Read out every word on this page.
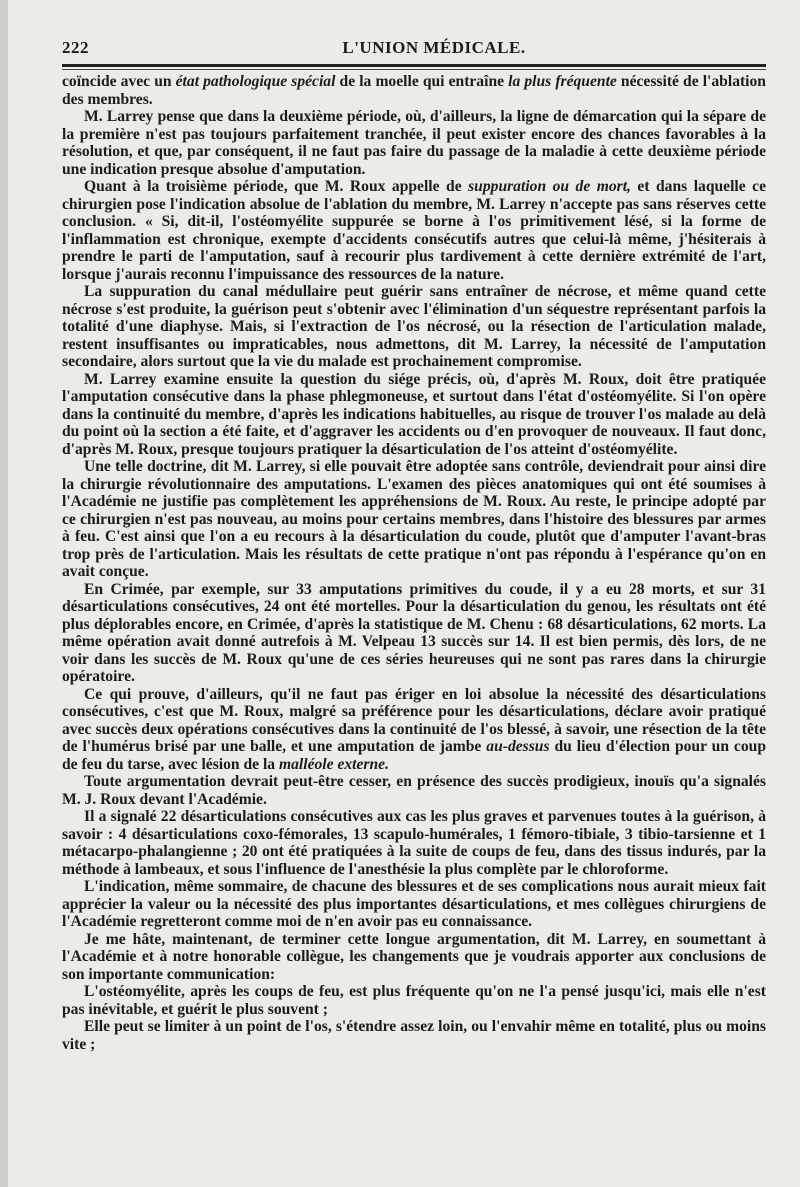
222	L'UNION MÉDICALE.

coïncide avec un état pathologique spécial de la moelle qui entraîne la plus fréquente nécessité de l'ablation des membres.

M. Larrey pense que dans la deuxième période, où, d'ailleurs, la ligne de démarcation qui la sépare de la première n'est pas toujours parfaitement tranchée, il peut exister encore des chances favorables à la résolution, et que, par conséquent, il ne faut pas faire du passage de la maladie à cette deuxième période une indication presque absolue d'amputation.

Quant à la troisième période, que M. Roux appelle de suppuration ou de mort, et dans laquelle ce chirurgien pose l'indication absolue de l'ablation du membre, M. Larrey n'accepte pas sans réserves cette conclusion. « Si, dit-il, l'ostéomyélite suppurée se borne à l'os primitivement lésé, si la forme de l'inflammation est chronique, exempte d'accidents consécutifs autres que celui-là même, j'hésiterais à prendre le parti de l'amputation, sauf à recourir plus tardivement à cette dernière extrémité de l'art, lorsque j'aurais reconnu l'impuissance des ressources de la nature.

La suppuration du canal médullaire peut guérir sans entraîner de nécrose, et même quand cette nécrose s'est produite, la guérison peut s'obtenir avec l'élimination d'un séquestre représentant parfois la totalité d'une diaphyse. Mais, si l'extraction de l'os nécrosé, ou la résection de l'articulation malade, restent insuffisantes ou impraticables, nous admettons, dit M. Larrey, la nécessité de l'amputation secondaire, alors surtout que la vie du malade est prochainement compromise.

M. Larrey examine ensuite la question du siége précis, où, d'après M. Roux, doit être pratiquée l'amputation consécutive dans la phase phlegmoneuse, et surtout dans l'état d'ostéomyélite. Si l'on opère dans la continuité du membre, d'après les indications habituelles, au risque de trouver l'os malade au delà du point où la section a été faite, et d'aggraver les accidents ou d'en provoquer de nouveaux. Il faut donc, d'après M. Roux, presque toujours pratiquer la désarticulation de l'os atteint d'ostéomyélite.

Une telle doctrine, dit M. Larrey, si elle pouvait être adoptée sans contrôle, deviendrait pour ainsi dire la chirurgie révolutionnaire des amputations. L'examen des pièces anatomiques qui ont été soumises à l'Académie ne justifie pas complètement les appréhensions de M. Roux. Au reste, le principe adopté par ce chirurgien n'est pas nouveau, au moins pour certains membres, dans l'histoire des blessures par armes à feu. C'est ainsi que l'on a eu recours à la désarticulation du coude, plutôt que d'amputer l'avant-bras trop près de l'articulation. Mais les résultats de cette pratique n'ont pas répondu à l'espérance qu'on en avait conçue.

En Crimée, par exemple, sur 33 amputations primitives du coude, il y a eu 28 morts, et sur 31 désarticulations consécutives, 24 ont été mortelles. Pour la désarticulation du genou, les résultats ont été plus déplorables encore, en Crimée, d'après la statistique de M. Chenu : 68 désarticulations, 62 morts. La même opération avait donné autrefois à M. Velpeau 13 succès sur 14. Il est bien permis, dès lors, de ne voir dans les succès de M. Roux qu'une de ces séries heureuses qui ne sont pas rares dans la chirurgie opératoire.

Ce qui prouve, d'ailleurs, qu'il ne faut pas ériger en loi absolue la nécessité des désarticulations consécutives, c'est que M. Roux, malgré sa préférence pour les désarticulations, déclare avoir pratiqué avec succès deux opérations consécutives dans la continuité de l'os blessé, à savoir, une résection de la tête de l'humérus brisé par une balle, et une amputation de jambe au-dessus du lieu d'élection pour un coup de feu du tarse, avec lésion de la malléole externe.

Toute argumentation devrait peut-être cesser, en présence des succès prodigieux, inouïs qu'a signalés M. J. Roux devant l'Académie.

Il a signalé 22 désarticulations consécutives aux cas les plus graves et parvenues toutes à la guérison, à savoir : 4 désarticulations coxo-fémorales, 13 scapulo-humérales, 1 fémoro-tibiale, 3 tibio-tarsienne et 1 métacarpo-phalangienne ; 20 ont été pratiquées à la suite de coups de feu, dans des tissus indurés, par la méthode à lambeaux, et sous l'influence de l'anesthésie la plus complète par le chloroforme.

L'indication, même sommaire, de chacune des blessures et de ses complications nous aurait mieux fait apprécier la valeur ou la nécessité des plus importantes désarticulations, et mes collègues chirurgiens de l'Académie regretteront comme moi de n'en avoir pas eu connaissance.

Je me hâte, maintenant, de terminer cette longue argumentation, dit M. Larrey, en soumettant à l'Académie et à notre honorable collègue, les changements que je voudrais apporter aux conclusions de son importante communication:

L'ostéomyélite, après les coups de feu, est plus fréquente qu'on ne l'a pensé jusqu'ici, mais elle n'est pas inévitable, et guérit le plus souvent ;

Elle peut se limiter à un point de l'os, s'étendre assez loin, ou l'envahir même en totalité, plus ou moins vite ;
